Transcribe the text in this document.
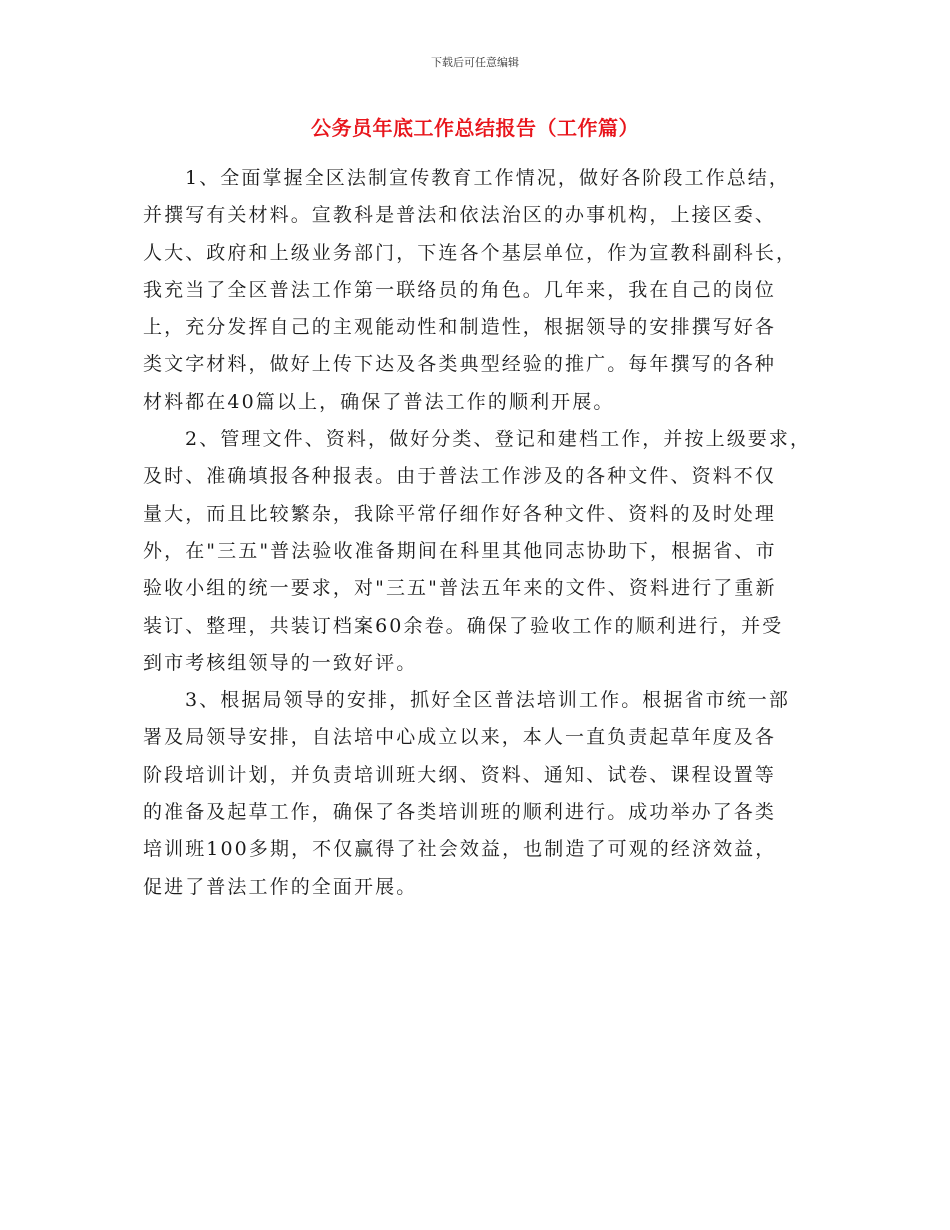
下载后可任意编辑
公务员年底工作总结报告（工作篇）
1、全面掌握全区法制宣传教育工作情况，做好各阶段工作总结，
并撰写有关材料。宣教科是普法和依法治区的办事机构，上接区委、
人大、政府和上级业务部门，下连各个基层单位，作为宣教科副科长，
我充当了全区普法工作第一联络员的角色。几年来，我在自己的岗位
上，充分发挥自己的主观能动性和制造性，根据领导的安排撰写好各
类文字材料，做好上传下达及各类典型经验的推广。每年撰写的各种
材料都在40篇以上，确保了普法工作的顺利开展。
2、管理文件、资料，做好分类、登记和建档工作，并按上级要求，
及时、准确填报各种报表。由于普法工作涉及的各种文件、资料不仅
量大，而且比较繁杂，我除平常仔细作好各种文件、资料的及时处理
外，在"三五"普法验收准备期间在科里其他同志协助下，根据省、市
验收小组的统一要求，对"三五"普法五年来的文件、资料进行了重新
装订、整理，共装订档案60余卷。确保了验收工作的顺利进行，并受
到市考核组领导的一致好评。
3、根据局领导的安排，抓好全区普法培训工作。根据省市统一部
署及局领导安排，自法培中心成立以来，本人一直负责起草年度及各
阶段培训计划，并负责培训班大纲、资料、通知、试卷、课程设置等
的准备及起草工作，确保了各类培训班的顺利进行。成功举办了各类
培训班100多期，不仅赢得了社会效益，也制造了可观的经济效益，
促进了普法工作的全面开展。
